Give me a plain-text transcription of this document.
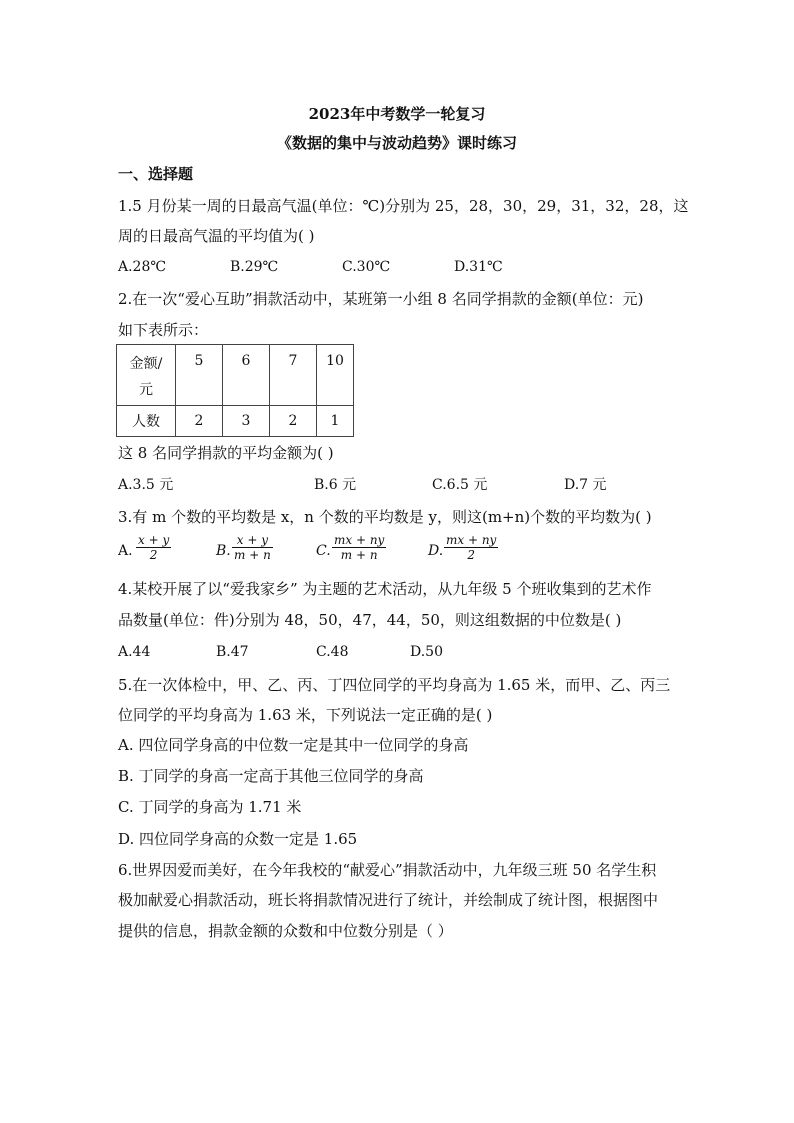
2023年中考数学一轮复习
《数据的集中与波动趋势》课时练习
一、选择题
1.5 月份某一周的日最高气温(单位：℃)分别为 25，28，30，29，31，32，28，这
周的日最高气温的平均值为( )
A.28℃	B.29℃	C.30℃	D.31℃
2.在一次“爱心互助”捐款活动中，某班第一小组 8 名同学捐款的金额(单位：元)
如下表所示：
金额/
元	5	6	7	10

人数	2	3	2	1
这 8 名同学捐款的平均金额为( )
A.3.5 元	B.6 元	C.6.5 元	D.7 元
3.有 m 个数的平均数是 x，n 个数的平均数是 y，则这(m+n)个数的平均数为( )
A. $\frac{x + y}{2}$	B. $\frac{x + y}{m + n}$	C. $\frac{mx + ny}{m + n}$	D. $\frac{mx + ny}{2}$
4.某校开展了以“爱我家乡” 为主题的艺术活动，从九年级 5 个班收集到的艺术作
品数量(单位：件)分别为 48，50，47，44，50，则这组数据的中位数是( )
A.44	B.47	C.48	D.50
5.在一次体检中，甲、乙、丙、丁四位同学的平均身高为 1.65 米，而甲、乙、丙三
位同学的平均身高为 1.63 米，下列说法一定正确的是( )
A. 四位同学身高的中位数一定是其中一位同学的身高
B. 丁同学的身高一定高于其他三位同学的身高
C. 丁同学的身高为 1.71 米
D. 四位同学身高的众数一定是 1.65
6.世界因爱而美好，在今年我校的“献爱心”捐款活动中，九年级三班 50 名学生积
极加献爱心捐款活动，班长将捐款情况进行了统计，并绘制成了统计图，根据图中
提供的信息，捐款金额的众数和中位数分别是（ ）
